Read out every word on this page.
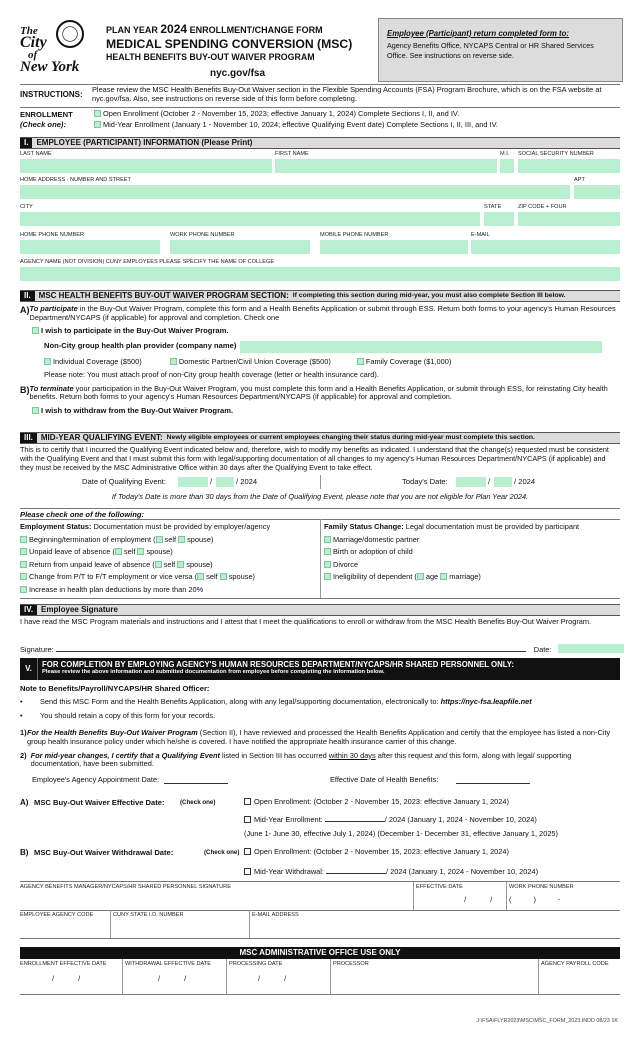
The
City
of
New York
PLAN YEAR 2024 ENROLLMENT/CHANGE FORM
MEDICAL SPENDING CONVERSION (MSC)
HEALTH BENEFITS BUY-OUT WAIVER PROGRAM
nyc.gov/fsa
Employee (Participant) return completed form to:
Agency Benefits Office, NYCAPS Central or HR Shared Services Office. See instructions on reverse side.
INSTRUCTIONS:
Please review the MSC Health Benefits Buy-Out Waiver section in the Flexible Spending Accounts (FSA) Program Brochure, which is on the FSA website at nyc.gov/fsa. Also, see instructions on reverse side of this form before completing.
ENROLLMENT
(Check one):
Open Enrollment (October 2 - November 15, 2023; effective January 1, 2024) Complete Sections I, II, and IV.
Mid-Year Enrollment (January 1 - November 10, 2024; effective Qualifying Event date) Complete Sections I, II, III, and IV.
I.	EMPLOYEE (PARTICIPANT) INFORMATION (Please Print)
LAST NAME	FIRST NAME	M.I. SOCIAL SECURITY NUMBER
HOME ADDRESS - NUMBER AND STREET	APT
CITY	STATE	ZIP CODE + FOUR
HOME PHONE NUMBER	WORK PHONE NUMBER	MOBILE PHONE NUMBER	E-MAIL
AGENCY NAME (NOT DIVISION) CUNY EMPLOYEES PLEASE SPECIFY THE NAME OF COLLEGE
II.	MSC HEALTH BENEFITS BUY-OUT WAIVER PROGRAM SECTION: If completing this section during mid-year, you must also complete Section III below.
A) To participate in the Buy-Out Waiver Program, complete this form and a Health Benefits Application or submit through ESS. Return both forms to your agency's Human Resources Department/NYCAPS (if applicable) for approval and completion. Check one

I wish to participate in the Buy-Out Waiver Program.
Non-City group health plan provider (company name)
Individual Coverage ($500)	Domestic Partner/Civil Union Coverage ($500)	Family Coverage ($1,000)
Please note: You must attach proof of non-City group health coverage (letter or health insurance card).
B) To terminate your participation in the Buy-Out Waiver Program, you must complete this form and a Health Benefits Application, or submit through ESS, for reinstating City health benefits. Return both forms to your agency's Human Resources Department/NYCAPS (if applicable) for approval and completion.

I wish to withdraw from the Buy-Out Waiver Program.
III.	MID-YEAR QUALIFYING EVENT: Newly eligible employees or current employees changing their status during mid-year must complete this section.

This is to certify that I incurred the Qualifying Event indicated below and, therefore, wish to modify my benefits as indicated. I understand that the change(s) requested must be consistent with the Qualifying Event and that I must submit this form with legal/supporting documentation of all changes to my agency's Human Resources Department/NYCAPS (if applicable) and they must be received by the MSC Administrative Office within 30 days after the Qualifying Event to take effect.

Date of Qualifying Event:	/	/ 2024	Today's Date:	/	/ 2024
If Today's Date is more than 30 days from the Date of Qualifying Event, please note that you are not eligible for Plan Year 2024.
Please check one of the following:
Employment Status: Documentation must be provided by employer/agency
Beginning/termination of employment ( self spouse)
Unpaid leave of absence ( self spouse)
Return from unpaid leave of absence ( self spouse)
Change from P/T to F/T employment or vice versa ( self spouse)
Increase in health plan deductions by more than 20%
Family Status Change: Legal documentation must be provided by participant
Marriage/domestic partner
Birth or adoption of child
Divorce
Ineligibility of dependent ( age marriage)
IV.	Employee Signature
I have read the MSC Program materials and instructions and I attest that I meet the qualifications to enroll or withdraw from the MSC Health Benefits Buy-Out Waiver Program.
Signature:	Date:
V.	FOR COMPLETION BY EMPLOYING AGENCY'S HUMAN RESOURCES DEPARTMENT/NYCAPS/HR SHARED PERSONNEL ONLY:
Please review the above information and submitted documentation from employee before completing the information below.
Note to Benefits/Payroll/NYCAPS/HR Shared Officer:
• Send this MSC Form and the Health Benefits Application, along with any legal/supporting documentation, electronically to: https://nyc-fsa.leapfile.net
• You should retain a copy of this form for your records.
1) For the Health Benefits Buy-Out Waiver Program (Section II), I have reviewed and processed the Health Benefits Application and certify that the employee has listed a non-City group health insurance policy under which he/she is covered. I have notified the appropriate health insurance carrier of this change.

2) For mid-year changes, I certify that a Qualifying Event listed in Section III has occurred within 30 days after this request and this form, along with legal/ supporting documentation, have been submitted.

Employee's Agency Appointment Date:	Effective Date of Health Benefits:
A) MSC Buy-Out Waiver Effective Date: (Check one)	Open Enrollment: (October 2 - November 15, 2023: effective January 1, 2024)
Mid-Year Enrollment:	/ 2024 (January 1, 2024 - November 10, 2024)
(June 1- June 30, effective July 1, 2024) (December 1- December 31, effective January 1, 2025)
B) MSC Buy-Out Waiver Withdrawal Date:	(Check one)	Open Enrollment: (October 2 - November 15, 2023: effective January 1, 2024)
Mid-Year Withdrawal:	/ 2024 (January 1, 2024 - November 10, 2024)
AGENCY BENEFITS MANAGER/NYCAPS/HR SHARED PERSONNEL SIGNATURE	EFFECTIVE DATE
/ /
WORK PHONE NUMBER
( ) -
EMPLOYEE AGENCY CODE	CUNY STATE I.D. NUMBER	E-MAIL ADDRESS
MSC ADMINISTRATIVE OFFICE USE ONLY
ENROLLMENT EFFECTIVE DATE
/ /
WITHDRAWAL EFFECTIVE DATE
/ /
PROCESSING DATE
/ /
PROCESSOR	AGENCY PAYROLL CODE
J:\FSA\FLYR2023\MSC\MSC_FORM_2023.INDD 08/23 1K
